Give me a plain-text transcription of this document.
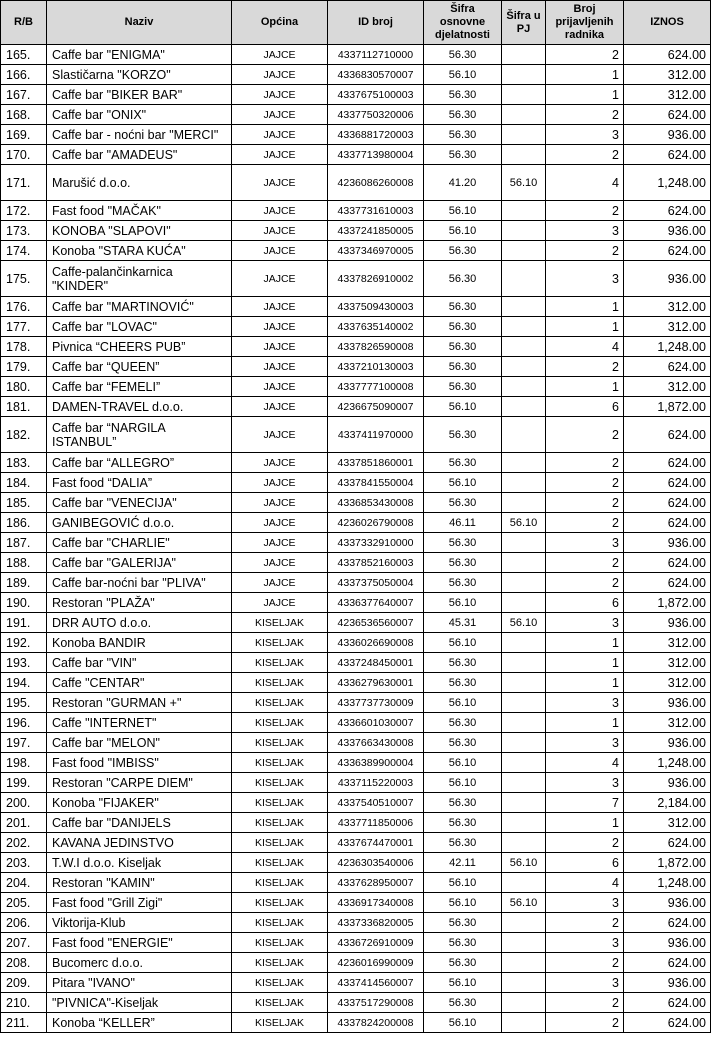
R/B	Naziv	Općina	ID broj	Šifra osnovne djelatnosti	Šifra u PJ	Broj prijavljenih radnika	IZNOS
165.	Caffe bar "ENIGMA"	JAJCE	4337112710000	56.30		2	624.00
166.	Slastičarna "KORZO"	JAJCE	4336830570007	56.10		1	312.00
167.	Caffe bar "BIKER BAR"	JAJCE	4337675100003	56.30		1	312.00
168.	Caffe bar "ONIX"	JAJCE	4337750320006	56.30		2	624.00
169.	Caffe bar - noćni bar "MERCI"	JAJCE	4336881720003	56.30		3	936.00
170.	Caffe bar "AMADEUS"	JAJCE	4337713980004	56.30		2	624.00
171.	Marušić d.o.o.	JAJCE	4236086260008	41.20	56.10	4	1,248.00
172.	Fast food "MAČAK"	JAJCE	4337731610003	56.10		2	624.00
173.	KONOBA "SLAPOVI"	JAJCE	4337241850005	56.10		3	936.00
174.	Konoba "STARA KUĆA"	JAJCE	4337346970005	56.30		2	624.00
175.	Caffe-palančinkarnica "KINDER"	JAJCE	4337826910002	56.30		3	936.00
176.	Caffe bar "MARTINOVIĆ"	JAJCE	4337509430003	56.30		1	312.00
177.	Caffe bar "LOVAC"	JAJCE	4337635140002	56.30		1	312.00
178.	Pivnica “CHEERS PUB”	JAJCE	4337826590008	56.30		4	1,248.00
179.	Caffe bar “QUEEN”	JAJCE	4337210130003	56.30		2	624.00
180.	Caffe bar “FEMELI”	JAJCE	4337777100008	56.30		1	312.00
181.	DAMEN-TRAVEL d.o.o.	JAJCE	4236675090007	56.10		6	1,872.00
182.	Caffe bar “NARGILA ISTANBUL”	JAJCE	4337411970000	56.30		2	624.00
183.	Caffe bar “ALLEGRO”	JAJCE	4337851860001	56.30		2	624.00
184.	Fast food “DALIA”	JAJCE	4337841550004	56.10		2	624.00
185.	Caffe bar "VENECIJA"	JAJCE	4336853430008	56.30		2	624.00
186.	GANIBEGOVIĆ d.o.o.	JAJCE	4236026790008	46.11	56.10	2	624.00
187.	Caffe bar "CHARLIE"	JAJCE	4337332910000	56.30		3	936.00
188.	Caffe bar "GALERIJA"	JAJCE	4337852160003	56.30		2	624.00
189.	Caffe bar-noćni bar "PLIVA"	JAJCE	4337375050004	56.30		2	624.00
190.	Restoran "PLAŽA"	JAJCE	4336377640007	56.10		6	1,872.00
191.	DRR AUTO d.o.o.	KISELJAK	4236536560007	45.31	56.10	3	936.00
192.	Konoba BANDIR	KISELJAK	4336026690008	56.10		1	312.00
193.	Caffe bar "VIN"	KISELJAK	4337248450001	56.30		1	312.00
194.	Caffe "CENTAR"	KISELJAK	4336279630001	56.30		1	312.00
195.	Restoran "GURMAN +"	KISELJAK	4337737730009	56.10		3	936.00
196.	Caffe "INTERNET"	KISELJAK	4336601030007	56.30		1	312.00
197.	Caffe bar "MELON"	KISELJAK	4337663430008	56.30		3	936.00
198.	Fast food "IMBISS"	KISELJAK	4336389900004	56.10		4	1,248.00
199.	Restoran "CARPE DIEM"	KISELJAK	4337115220003	56.10		3	936.00
200.	Konoba "FIJAKER"	KISELJAK	4337540510007	56.30		7	2,184.00
201.	Caffe bar "DANIJELS	KISELJAK	4337711850006	56.30		1	312.00
202.	KAVANA JEDINSTVO	KISELJAK	4337674470001	56.30		2	624.00
203.	T.W.I d.o.o. Kiseljak	KISELJAK	4236303540006	42.11	56.10	6	1,872.00
204.	Restoran "KAMIN"	KISELJAK	4337628950007	56.10		4	1,248.00
205.	Fast food "Grill Zigi"	KISELJAK	4336917340008	56.10	56.10	3	936.00
206.	Viktorija-Klub	KISELJAK	4337336820005	56.30		2	624.00
207.	Fast food "ENERGIE"	KISELJAK	4336726910009	56.30		3	936.00
208.	Bucomerc d.o.o.	KISELJAK	4236016990009	56.30		2	624.00
209.	Pitara "IVANO"	KISELJAK	4337414560007	56.10		3	936.00
210.	"PIVNICA"-Kiseljak	KISELJAK	4337517290008	56.30		2	624.00
211.	Konoba “KELLER”	KISELJAK	4337824200008	56.10		2	624.00
